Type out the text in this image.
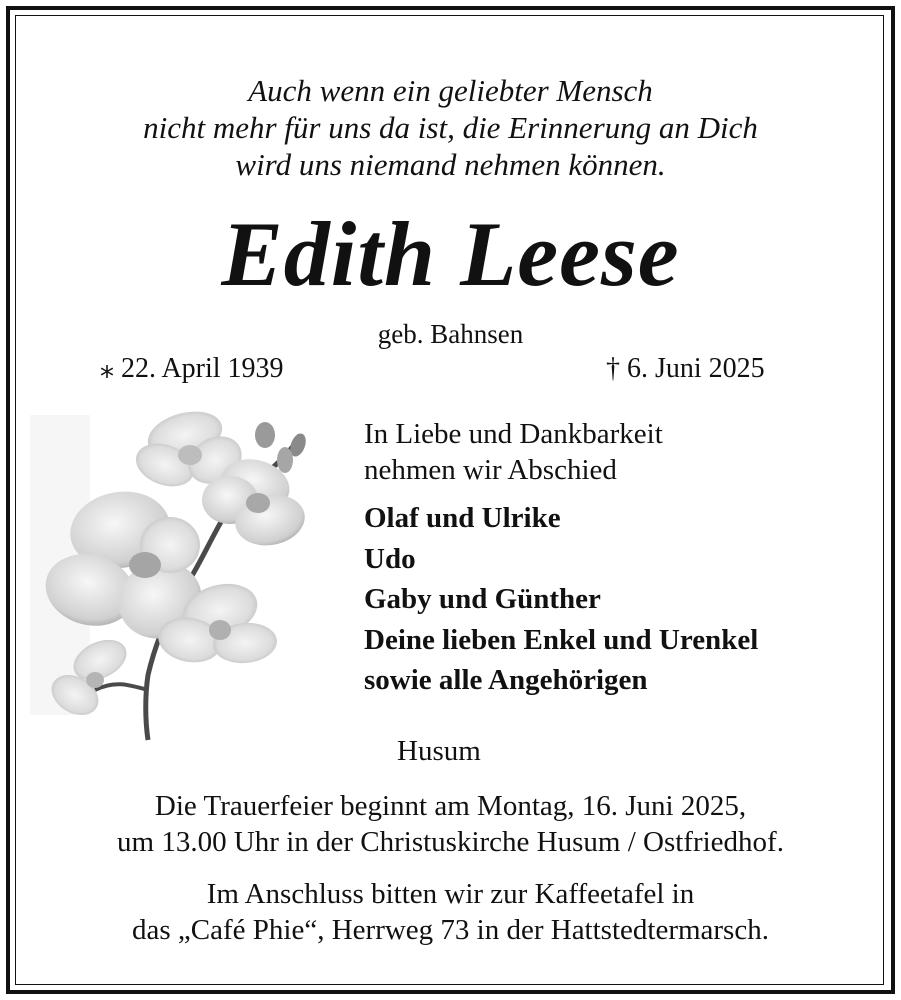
Auch wenn ein geliebter Mensch
nicht mehr für uns da ist, die Erinnerung an Dich
wird uns niemand nehmen können.
Edith Leese
geb. Bahnsen
⁎ 22. April 1939	† 6. Juni 2025
In Liebe und Dankbarkeit
nehmen wir Abschied
Olaf und Ulrike
Udo
Gaby und Günther
Deine lieben Enkel und Urenkel
sowie alle Angehörigen
Husum
Die Trauerfeier beginnt am Montag, 16. Juni 2025,
um 13.00 Uhr in der Christuskirche Husum / Ostfriedhof.
Im Anschluss bitten wir zur Kaffeetafel in
das „Café Phie“, Herrweg 73 in der Hattstedtermarsch.
